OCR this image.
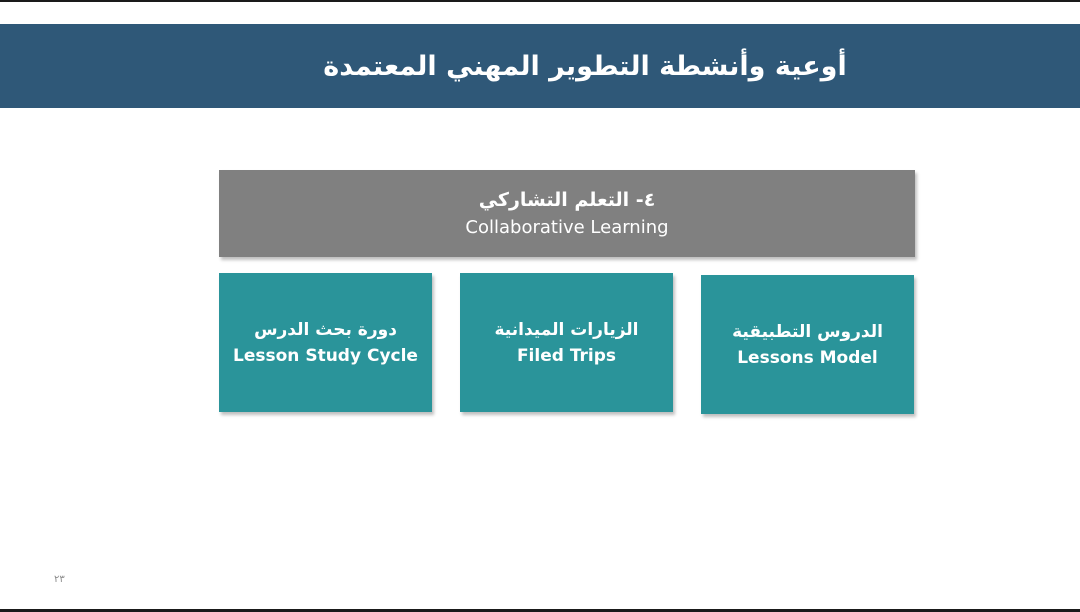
أوعية وأنشطة التطوير المهني المعتمدة
٤- التعلم التشاركي
Collaborative Learning
دورة بحث الدرس
Lesson Study Cycle
الزيارات الميدانية
Filed Trips
الدروس التطبيقية
Lessons Model
٢٣
